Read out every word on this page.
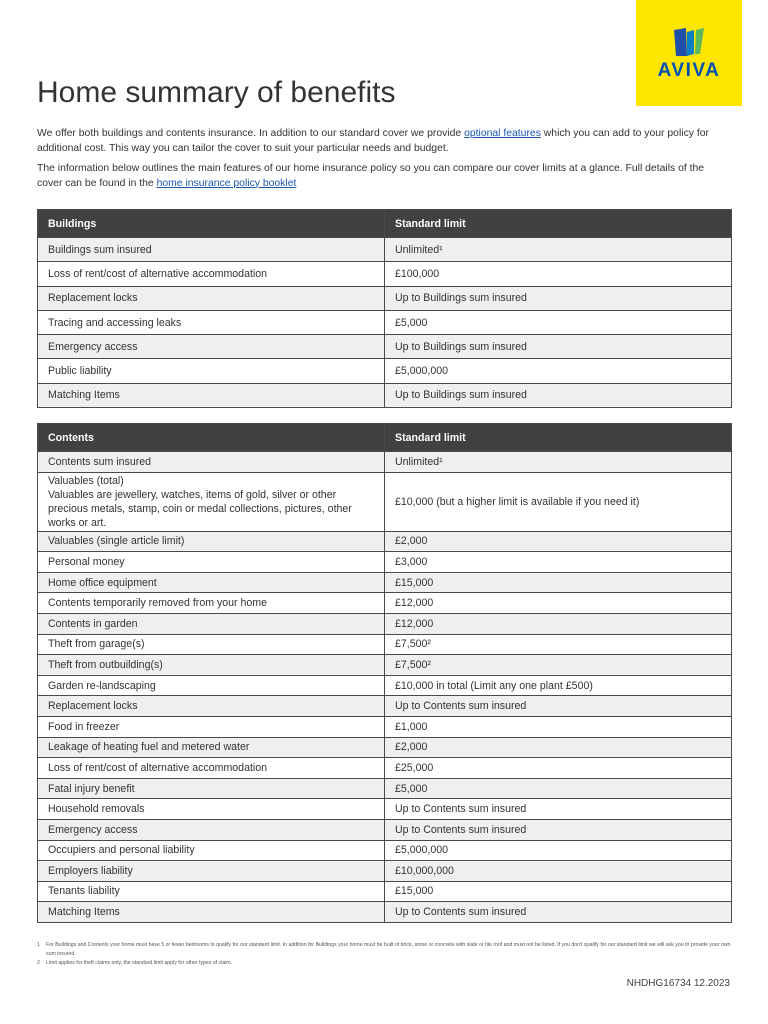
AVIVA
Home summary of benefits

We offer both buildings and contents insurance. In addition to our standard cover we provide optional features which you can add to your policy for additional cost. This way you can tailor the cover to suit your particular needs and budget.

The information below outlines the main features of our home insurance policy so you can compare our cover limits at a glance. Full details of the cover can be found in the home insurance policy booklet

Buildings	Standard limit
Buildings sum insured	Unlimited¹
Loss of rent/cost of alternative accommodation	£100,000
Replacement locks	Up to Buildings sum insured
Tracing and accessing leaks	£5,000
Emergency access	Up to Buildings sum insured
Public liability	£5,000,000
Matching Items	Up to Buildings sum insured
Contents	Standard limit
Contents sum insured	Unlimited¹

Valuables (total)
Valuables are jewellery, watches, items of gold, silver or other precious metals, stamp, coin or medal collections, pictures, other works or art.	£10,000 (but a higher limit is available if you need it)
Valuables (single article limit)	£2,000
Personal money	£3,000
Home office equipment	£15,000
Contents temporarily removed from your home	£12,000
Contents in garden	£12,000
Theft from garage(s)	£7,500²
Theft from outbuilding(s)	£7,500²
Garden re-landscaping	£10,000 in total (Limit any one plant £500)
Replacement locks	Up to Contents sum insured
Food in freezer	£1,000
Leakage of heating fuel and metered water	£2,000
Loss of rent/cost of alternative accommodation	£25,000
Fatal injury benefit	£5,000
Household removals	Up to Contents sum insured
Emergency access	Up to Contents sum insured
Occupiers and personal liability	£5,000,000
Employers liability	£10,000,000
Tenants liability	£15,000
Matching Items	Up to Contents sum insured
1	For Buildings and Contents your home must have 5 or fewer bedrooms to qualify for our standard limit. In addition for Buildings your home must be built of brick, stone or concrete with slate or tile roof and must not be listed. If you don't qualify for our standard limit we will ask you to provide your own sum insured.
2	Limit applies for theft claims only, the standard limit apply for other types of claim.
NHDHG16734 12.2023
